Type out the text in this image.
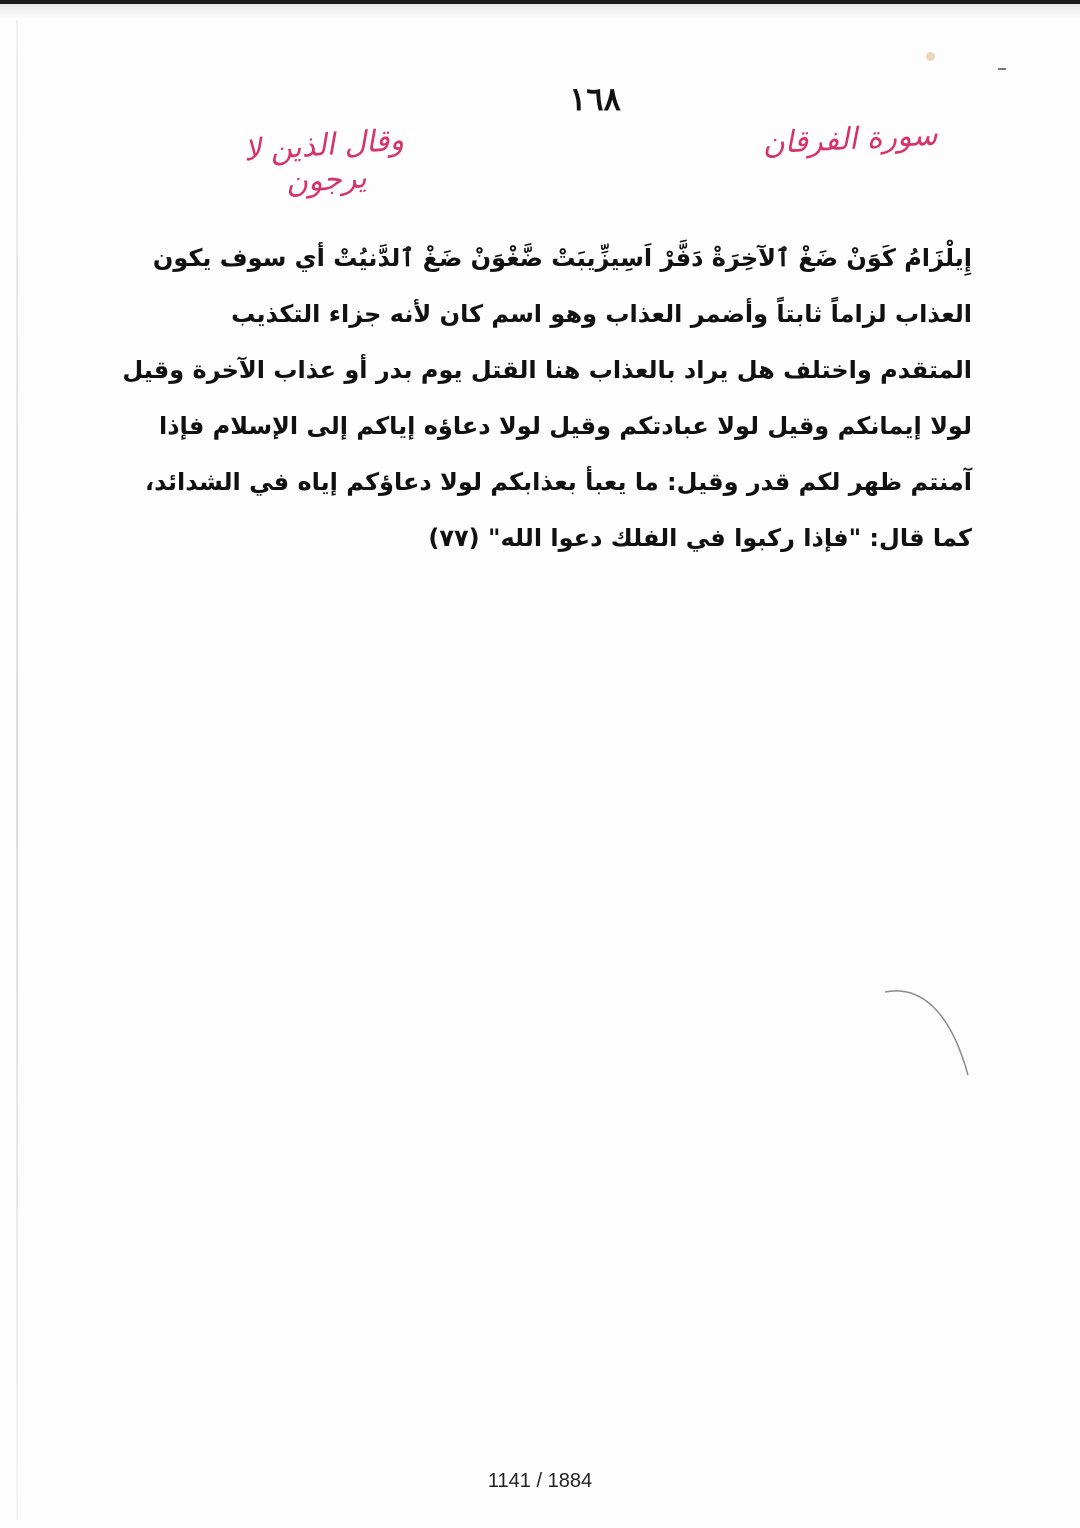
١٦٨
وقال الذين لا يرجون
سورة الفرقان
إِيلْزَامُ كَوَنْ ضَغْ ٱلآخِرَةْ دَفَّرْ اَسِيزِّيبَتْ ضَّغْوَنْ ضَغْ ٱلدَّنيُتْ أي سوف يكون
العذاب لزاماً ثابتاً وأضمر العذاب وهو اسم كان لأنه جزاء التكذيب
المتقدم واختلف هل يراد بالعذاب هنا القتل يوم بدر أو عذاب الآخرة وقيل
لولا إيمانكم وقيل لولا عبادتكم وقيل لولا دعاؤه إياكم إلى الإسلام فإذا
آمنتم ظهر لكم قدر وقيل: ما يعبأ بعذابكم لولا دعاؤكم إياه في الشدائد،
كما قال: "فإذا ركبوا في الفلك دعوا الله" (٧٧)
1141 / 1884
